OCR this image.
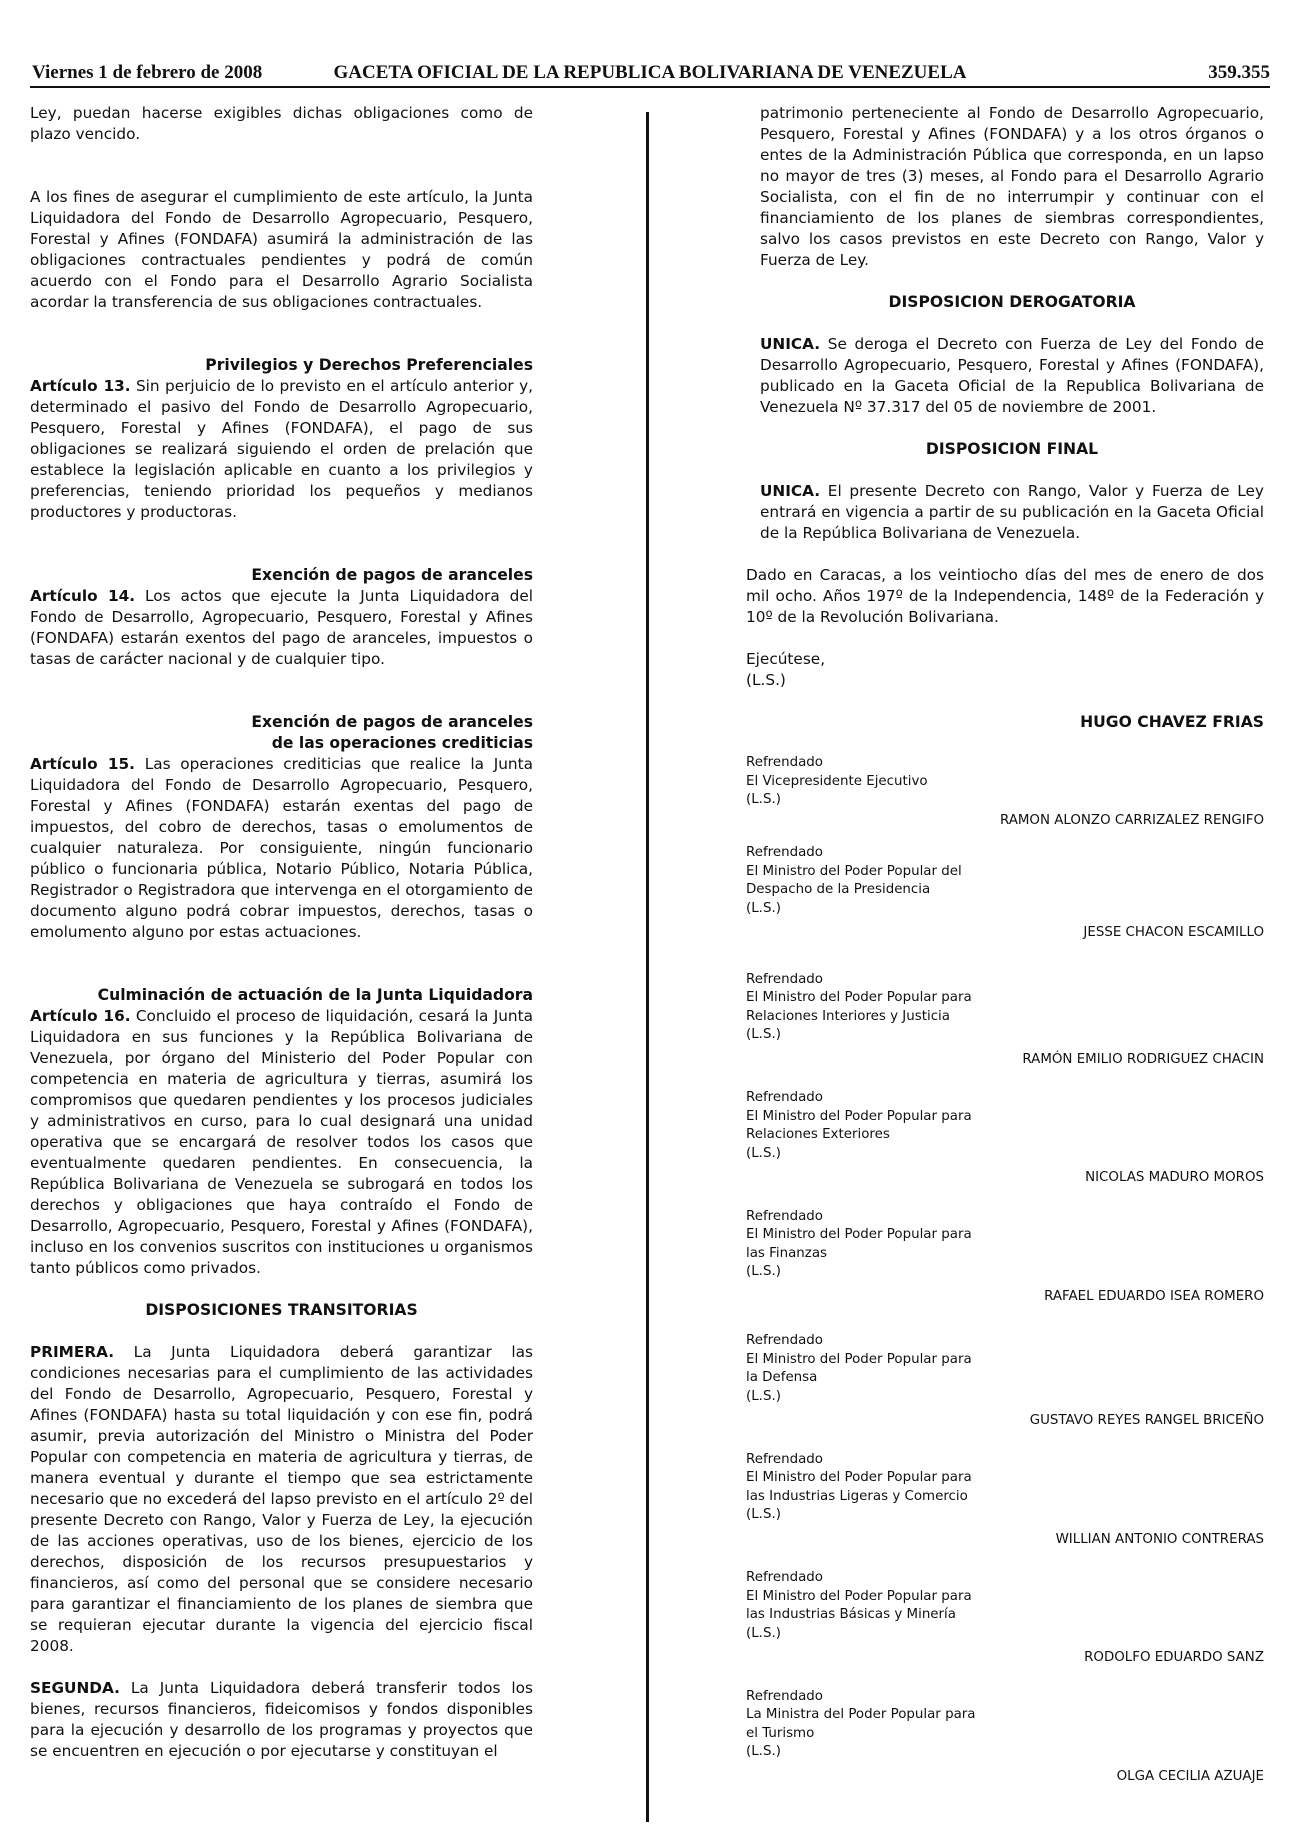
Viernes 1 de febrero de 2008	GACETA OFICIAL DE LA REPUBLICA BOLIVARIANA DE VENEZUELA	359.355

Ley, puedan hacerse exigibles dichas obligaciones como de plazo vencido.

A los fines de asegurar el cumplimiento de este artículo, la Junta Liquidadora del Fondo de Desarrollo Agropecuario, Pesquero, Forestal y Afines (FONDAFA) asumirá la administración de las obligaciones contractuales pendientes y podrá de común acuerdo con el Fondo para el Desarrollo Agrario Socialista acordar la transferencia de sus obligaciones contractuales.

Privilegios y Derechos Preferenciales

Artículo 13. Sin perjuicio de lo previsto en el artículo anterior y, determinado el pasivo del Fondo de Desarrollo Agropecuario, Pesquero, Forestal y Afines (FONDAFA), el pago de sus obligaciones se realizará siguiendo el orden de prelación que establece la legislación aplicable en cuanto a los privilegios y preferencias, teniendo prioridad los pequeños y medianos productores y productoras.

Exención de pagos de aranceles

Artículo 14. Los actos que ejecute la Junta Liquidadora del Fondo de Desarrollo, Agropecuario, Pesquero, Forestal y Afines (FONDAFA) estarán exentos del pago de aranceles, impuestos o tasas de carácter nacional y de cualquier tipo.

Exención de pagos de aranceles
de las operaciones crediticias

Artículo 15. Las operaciones crediticias que realice la Junta Liquidadora del Fondo de Desarrollo Agropecuario, Pesquero, Forestal y Afines (FONDAFA) estarán exentas del pago de impuestos, del cobro de derechos, tasas o emolumentos de cualquier naturaleza. Por consiguiente, ningún funcionario público o funcionaria pública, Notario Público, Notaria Pública, Registrador o Registradora que intervenga en el otorgamiento de documento alguno podrá cobrar impuestos, derechos, tasas o emolumento alguno por estas actuaciones.

Culminación de actuación de la Junta Liquidadora

Artículo 16. Concluido el proceso de liquidación, cesará la Junta Liquidadora en sus funciones y la República Bolivariana de Venezuela, por órgano del Ministerio del Poder Popular con competencia en materia de agricultura y tierras, asumirá los compromisos que quedaren pendientes y los procesos judiciales y administrativos en curso, para lo cual designará una unidad operativa que se encargará de resolver todos los casos que eventualmente quedaren pendientes. En consecuencia, la República Bolivariana de Venezuela se subrogará en todos los derechos y obligaciones que haya contraído el Fondo de Desarrollo, Agropecuario, Pesquero, Forestal y Afines (FONDAFA), incluso en los convenios suscritos con instituciones u organismos tanto públicos como privados.

DISPOSICIONES TRANSITORIAS

PRIMERA. La Junta Liquidadora deberá garantizar las condiciones necesarias para el cumplimiento de las actividades del Fondo de Desarrollo, Agropecuario, Pesquero, Forestal y Afines (FONDAFA) hasta su total liquidación y con ese fin, podrá asumir, previa autorización del Ministro o Ministra del Poder Popular con competencia en materia de agricultura y tierras, de manera eventual y durante el tiempo que sea estrictamente necesario que no excederá del lapso previsto en el artículo 2º del presente Decreto con Rango, Valor y Fuerza de Ley, la ejecución de las acciones operativas, uso de los bienes, ejercicio de los derechos, disposición de los recursos presupuestarios y financieros, así como del personal que se considere necesario para garantizar el financiamiento de los planes de siembra que se requieran ejecutar durante la vigencia del ejercicio fiscal 2008.

SEGUNDA. La Junta Liquidadora deberá transferir todos los bienes, recursos financieros, fideicomisos y fondos disponibles para la ejecución y desarrollo de los programas y proyectos que se encuentren en ejecución o por ejecutarse y constituyan el

patrimonio perteneciente al Fondo de Desarrollo Agropecuario, Pesquero, Forestal y Afines (FONDAFA) y a los otros órganos o entes de la Administración Pública que corresponda, en un lapso no mayor de tres (3) meses, al Fondo para el Desarrollo Agrario Socialista, con el fin de no interrumpir y continuar con el financiamiento de los planes de siembras correspondientes, salvo los casos previstos en este Decreto con Rango, Valor y Fuerza de Ley.

DISPOSICION DEROGATORIA

UNICA. Se deroga el Decreto con Fuerza de Ley del Fondo de Desarrollo Agropecuario, Pesquero, Forestal y Afines (FONDAFA), publicado en la Gaceta Oficial de la Republica Bolivariana de Venezuela Nº 37.317 del 05 de noviembre de 2001.

DISPOSICION FINAL

UNICA. El presente Decreto con Rango, Valor y Fuerza de Ley entrará en vigencia a partir de su publicación en la Gaceta Oficial de la República Bolivariana de Venezuela.

Dado en Caracas, a los veintiocho días del mes de enero de dos mil ocho. Años 197º de la Independencia, 148º de la Federación y 10º de la Revolución Bolivariana.

Ejecútese,
(L.S.)
HUGO CHAVEZ FRIAS
Refrendado
El Vicepresidente Ejecutivo
(L.S.)
RAMON ALONZO CARRIZALEZ RENGIFO
Refrendado
El Ministro del Poder Popular del
Despacho de la Presidencia
(L.S.)
JESSE CHACON ESCAMILLO
Refrendado
El Ministro del Poder Popular para
Relaciones Interiores y Justicia
(L.S.)
RAMÓN EMILIO RODRIGUEZ CHACIN
Refrendado
El Ministro del Poder Popular para
Relaciones Exteriores
(L.S.)
NICOLAS MADURO MOROS
Refrendado
El Ministro del Poder Popular para
las Finanzas
(L.S.)
RAFAEL EDUARDO ISEA ROMERO
Refrendado
El Ministro del Poder Popular para
la Defensa
(L.S.)
GUSTAVO REYES RANGEL BRICEÑO
Refrendado
El Ministro del Poder Popular para
las Industrias Ligeras y Comercio
(L.S.)
WILLIAN ANTONIO CONTRERAS
Refrendado
El Ministro del Poder Popular para
las Industrias Básicas y Minería
(L.S.)
RODOLFO EDUARDO SANZ
Refrendado
La Ministra del Poder Popular para
el Turismo
(L.S.)
OLGA CECILIA AZUAJE
